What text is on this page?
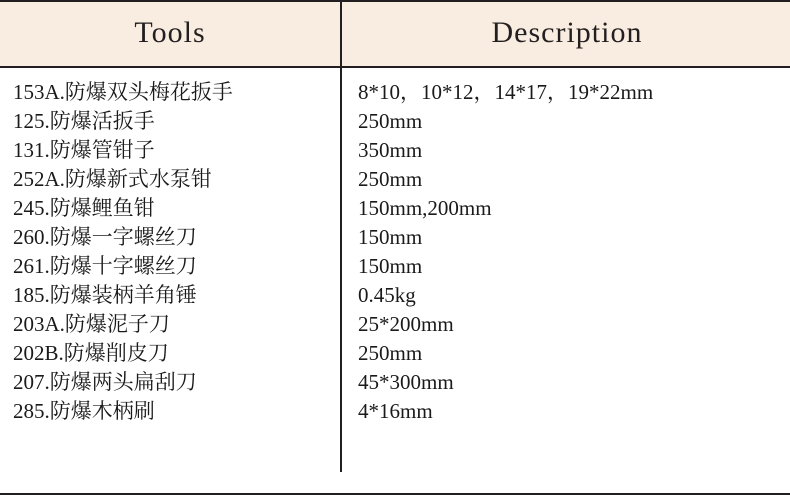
Tools	Description
153A.防爆双头梅花扳手	8*10，10*12，14*17，19*22mm
125.防爆活扳手	250mm
131.防爆管钳子	350mm
252A.防爆新式水泵钳	250mm
245.防爆鲤鱼钳	150mm,200mm
260.防爆一字螺丝刀	150mm
261.防爆十字螺丝刀	150mm
185.防爆装柄羊角锤	0.45kg
203A.防爆泥子刀	25*200mm
202B.防爆削皮刀	250mm
207.防爆两头扁刮刀	45*300mm
285.防爆木柄刷	4*16mm
